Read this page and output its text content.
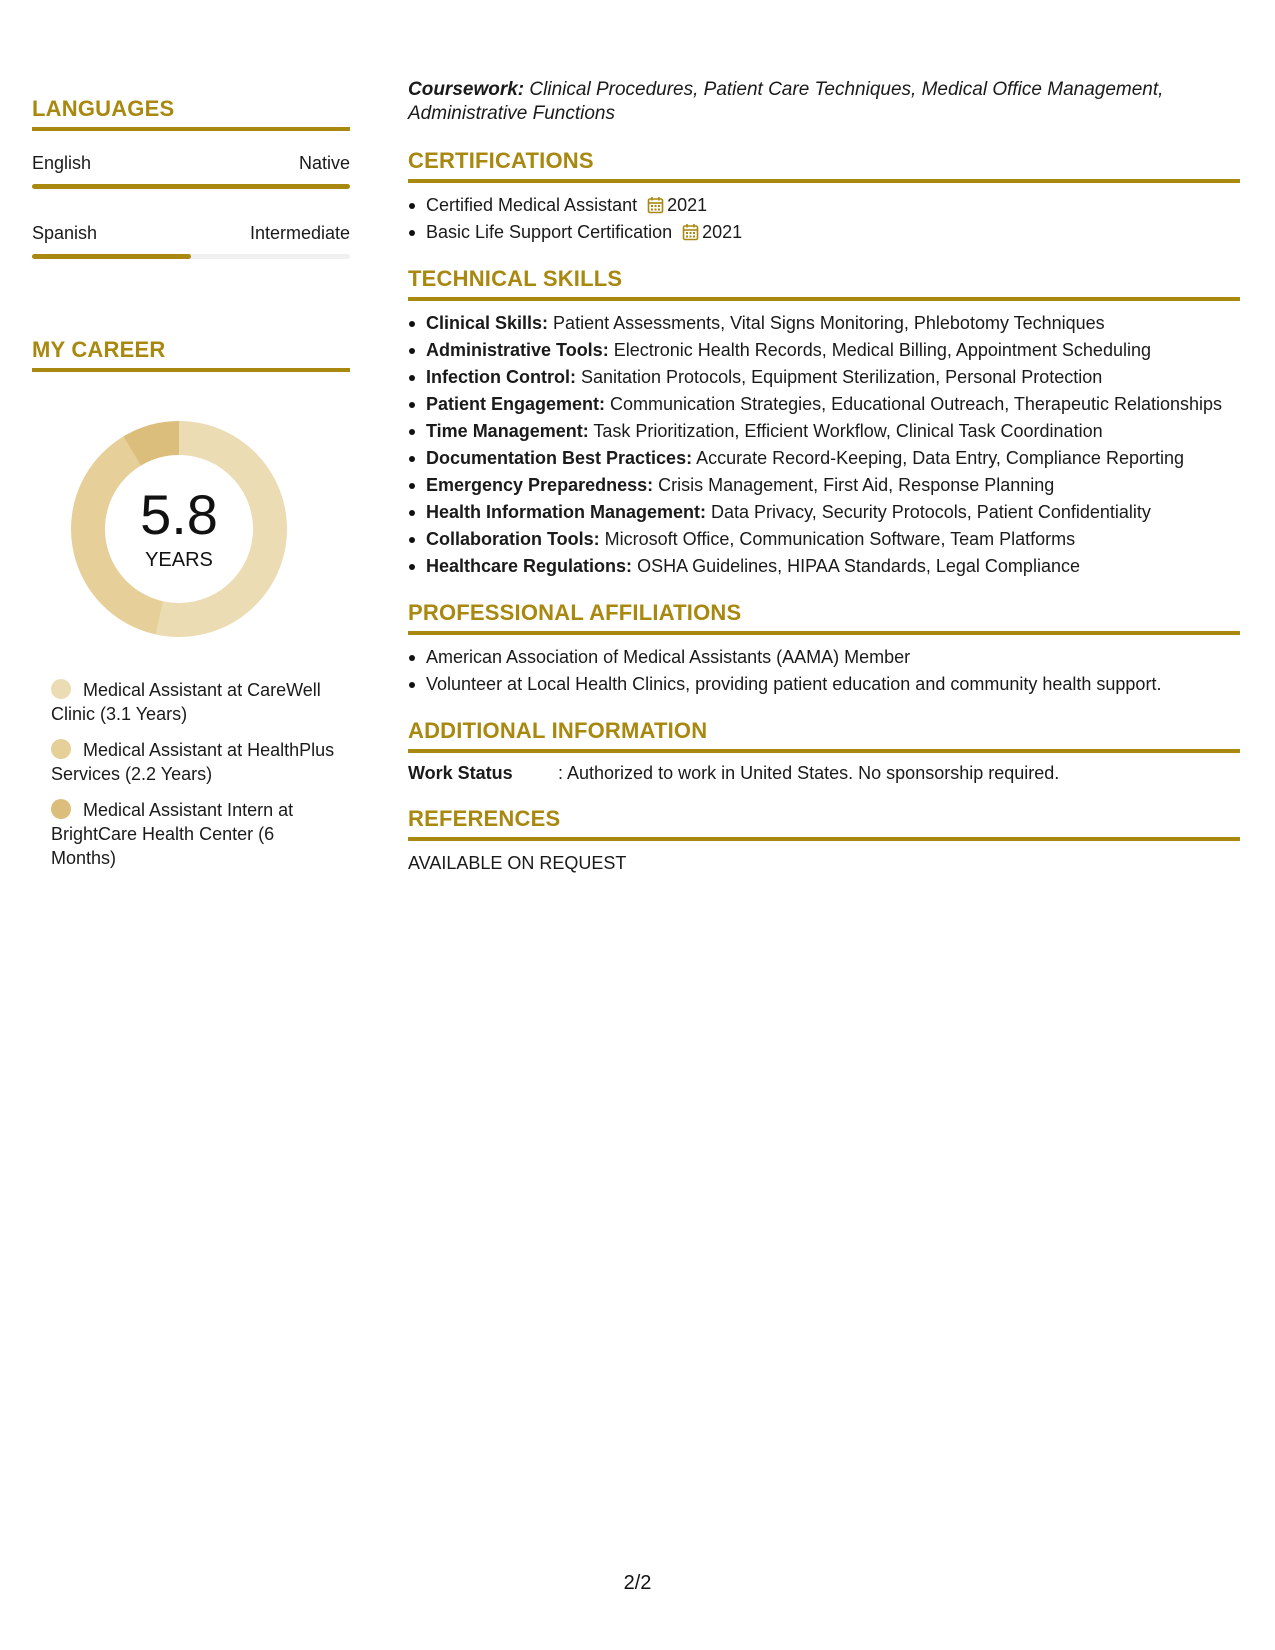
LANGUAGES
English	Native
Spanish	Intermediate
MY CAREER
5.8
YEARS
Medical Assistant at CareWell Clinic (3.1 Years)
Medical Assistant at HealthPlus Services (2.2 Years)
Medical Assistant Intern at BrightCare Health Center (6 Months)
Coursework: Clinical Procedures, Patient Care Techniques, Medical Office Management, Administrative Functions
CERTIFICATIONS
Certified Medical Assistant 2021
Basic Life Support Certification 2021
TECHNICAL SKILLS
Clinical Skills: Patient Assessments, Vital Signs Monitoring, Phlebotomy Techniques
Administrative Tools: Electronic Health Records, Medical Billing, Appointment Scheduling
Infection Control: Sanitation Protocols, Equipment Sterilization, Personal Protection
Patient Engagement: Communication Strategies, Educational Outreach, Therapeutic Relationships
Time Management: Task Prioritization, Efficient Workflow, Clinical Task Coordination
Documentation Best Practices: Accurate Record-Keeping, Data Entry, Compliance Reporting
Emergency Preparedness: Crisis Management, First Aid, Response Planning
Health Information Management: Data Privacy, Security Protocols, Patient Confidentiality
Collaboration Tools: Microsoft Office, Communication Software, Team Platforms
Healthcare Regulations: OSHA Guidelines, HIPAA Standards, Legal Compliance
PROFESSIONAL AFFILIATIONS
American Association of Medical Assistants (AAMA) Member
Volunteer at Local Health Clinics, providing patient education and community health support.
ADDITIONAL INFORMATION
Work Status	: Authorized to work in United States. No sponsorship required.
REFERENCES
AVAILABLE ON REQUEST
2/2
